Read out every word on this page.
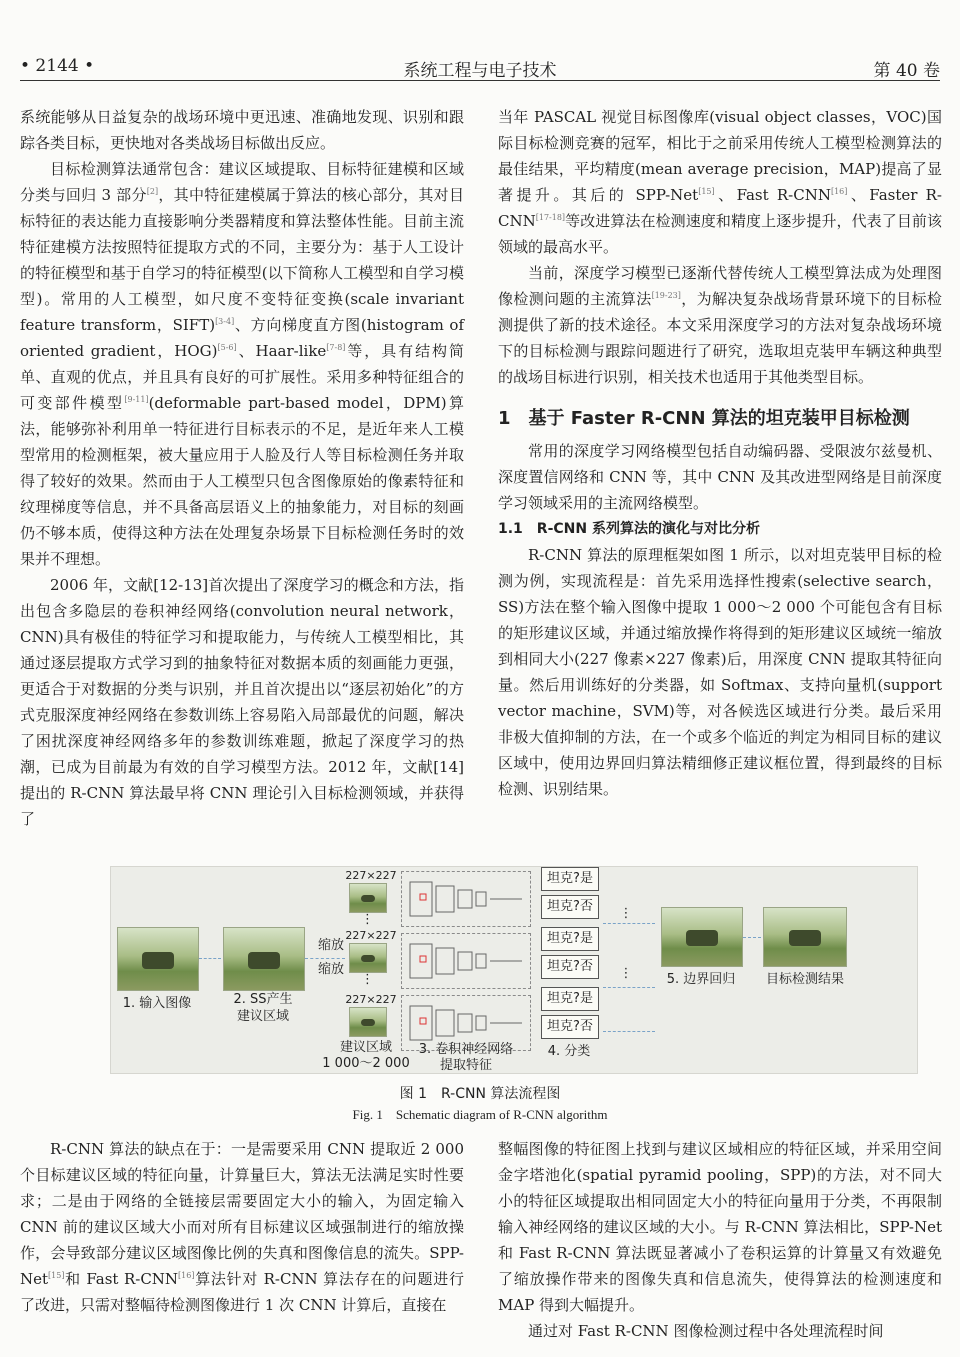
• 2144 •	系统工程与电子技术	第 40 卷

系统能够从日益复杂的战场环境中更迅速、准确地发现、识别和跟踪各类目标，更快地对各类战场目标做出反应。

目标检测算法通常包含：建议区域提取、目标特征建模和区域分类与回归 3 部分[2]，其中特征建模属于算法的核心部分，其对目标特征的表达能力直接影响分类器精度和算法整体性能。目前主流特征建模方法按照特征提取方式的不同，主要分为：基于人工设计的特征模型和基于自学习的特征模型(以下简称人工模型和自学习模型)。常用的人工模型，如尺度不变特征变换(scale invariant feature transform，SIFT)[3-4]、方向梯度直方图(histogram of oriented gradient，HOG)[5-6]、Haar-like[7-8]等，具有结构简单、直观的优点，并且具有良好的可扩展性。采用多种特征组合的可变部件模型[9-11](deformable part-based model，DPM)算法，能够弥补利用单一特征进行目标表示的不足，是近年来人工模型常用的检测框架，被大量应用于人脸及行人等目标检测任务并取得了较好的效果。然而由于人工模型只包含图像原始的像素特征和纹理梯度等信息，并不具备高层语义上的抽象能力，对目标的刻画仍不够本质，使得这种方法在处理复杂场景下目标检测任务时的效果并不理想。

2006 年，文献[12-13]首次提出了深度学习的概念和方法，指出包含多隐层的卷积神经网络(convolution neural network，CNN)具有极佳的特征学习和提取能力，与传统人工模型相比，其通过逐层提取方式学习到的抽象特征对数据本质的刻画能力更强，更适合于对数据的分类与识别，并且首次提出以“逐层初始化”的方式克服深度神经网络在参数训练上容易陷入局部最优的问题，解决了困扰深度神经网络多年的参数训练难题，掀起了深度学习的热潮，已成为目前最为有效的自学习模型方法。2012 年，文献[14]提出的 R-CNN 算法最早将 CNN 理论引入目标检测领域，并获得了

当年 PASCAL 视觉目标图像库(visual object classes，VOC)国际目标检测竞赛的冠军，相比于之前采用传统人工模型检测算法的最佳结果，平均精度(mean average precision，MAP)提高了显著提升。其后的 SPP-Net[15]、Fast R-CNN[16]、Faster R-CNN[17-18]等改进算法在检测速度和精度上逐步提升，代表了目前该领域的最高水平。

当前，深度学习模型已逐渐代替传统人工模型算法成为处理图像检测问题的主流算法[19-23]，为解决复杂战场背景环境下的目标检测提供了新的技术途径。本文采用深度学习的方法对复杂战场环境下的目标检测与跟踪问题进行了研究，选取坦克装甲车辆这种典型的战场目标进行识别，相关技术也适用于其他类型目标。

1　基于 Faster R-CNN 算法的坦克装甲目标检测

常用的深度学习网络模型包括自动编码器、受限波尔兹曼机、深度置信网络和 CNN 等，其中 CNN 及其改进型网络是目前深度学习领域采用的主流网络模型。

1.1　R-CNN 系列算法的演化与对比分析

R-CNN 算法的原理框架如图 1 所示，以对坦克装甲目标的检测为例，实现流程是：首先采用选择性搜索(selective search，SS)方法在整个输入图像中提取 1 000～2 000 个可能包含有目标的矩形建议区域，并通过缩放操作将得到的矩形建议区域统一缩放到相同大小(227 像素×227 像素)后，用深度 CNN 提取其特征向量。然后用训练好的分类器，如 Softmax、支持向量机(support vector machine，SVM)等，对各候选区域进行分类。最后采用非极大值抑制的方法，在一个或多个临近的判定为相同目标的建议区域中，使用边界回归算法精细修正建议框位置，得到最终的目标检测、识别结果。

1. 输入图像	2. SS产生
建议区域
缩放
缩放
227×227
⋮
227×227
⋮
227×227
建议区域
1 000～2 000
3. 卷积神经网络
提取特征
坦克?是
坦克?否
坦克?是
坦克?否
坦克?是
坦克?否
4. 分类
⋮
⋮	5. 边界回归	目标检测结果
图 1　R-CNN 算法流程图
Fig. 1　Schematic diagram of R-CNN algorithm

R-CNN 算法的缺点在于：一是需要采用 CNN 提取近 2 000 个目标建议区域的特征向量，计算量巨大，算法无法满足实时性要求；二是由于网络的全链接层需要固定大小的输入，为固定输入 CNN 前的建议区域大小而对所有目标建议区域强制进行的缩放操作，会导致部分建议区域图像比例的失真和图像信息的流失。SPP-Net[15]和 Fast R-CNN[16]算法针对 R-CNN 算法存在的问题进行了改进，只需对整幅待检测图像进行 1 次 CNN 计算后，直接在

整幅图像的特征图上找到与建议区域相应的特征区域，并采用空间金字塔池化(spatial pyramid pooling，SPP)的方法，对不同大小的特征区域提取出相同固定大小的特征向量用于分类，不再限制输入神经网络的建议区域的大小。与 R-CNN 算法相比，SPP-Net 和 Fast R-CNN 算法既显著减小了卷积运算的计算量又有效避免了缩放操作带来的图像失真和信息流失，使得算法的检测速度和 MAP 得到大幅提升。

通过对 Fast R-CNN 图像检测过程中各处理流程时间
